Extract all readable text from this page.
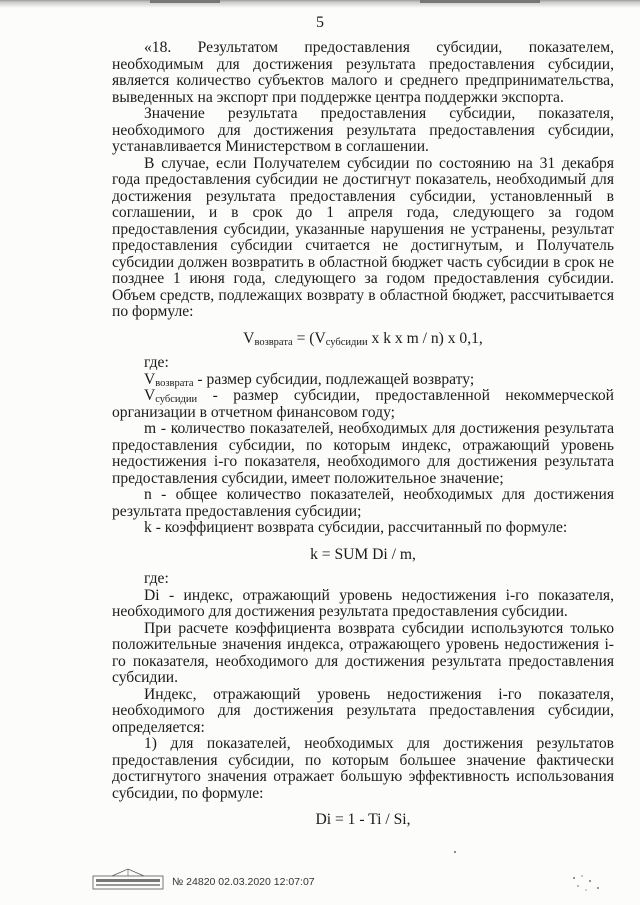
5

«18. Результатом предоставления субсидии, показателем, необходимым для достижения результата предоставления субсидии, является количество субъектов малого и среднего предпринимательства, выведенных на экспорт при поддержке центра поддержки экспорта.

Значение результата предоставления субсидии, показателя, необходимого для достижения результата предоставления субсидии, устанавливается Министерством в соглашении.

В случае, если Получателем субсидии по состоянию на 31 декабря года предоставления субсидии не достигнут показатель, необходимый для достижения результата предоставления субсидии, установленный в соглашении, и в срок до 1 апреля года, следующего за годом предоставления субсидии, указанные нарушения не устранены, результат предоставления субсидии считается не достигнутым, и Получатель субсидии должен возвратить в областной бюджет часть субсидии в срок не позднее 1 июня года, следующего за годом предоставления субсидии. Объем средств, подлежащих возврату в областной бюджет, рассчитывается по формуле:

$V_{возврата} = (V_{субсидии}$ x k x m / n) x 0,1,

где:

$V_{возврата}$ - размер субсидии, подлежащей возврату;

$V_{субсидии}$ - размер субсидии, предоставленной некоммерческой организации в отчетном финансовом году;

m - количество показателей, необходимых для достижения результата предоставления субсидии, по которым индекс, отражающий уровень недостижения i-го показателя, необходимого для достижения результата предоставления субсидии, имеет положительное значение;

n - общее количество показателей, необходимых для достижения результата предоставления субсидии;

k - коэффициент возврата субсидии, рассчитанный по формуле:

k = SUM Di / m,

где:

Di - индекс, отражающий уровень недостижения i-го показателя, необходимого для достижения результата предоставления субсидии.

При расчете коэффициента возврата субсидии используются только положительные значения индекса, отражающего уровень недостижения i-го показателя, необходимого для достижения результата предоставления субсидии.

Индекс, отражающий уровень недостижения i-го показателя, необходимого для достижения результата предоставления субсидии, определяется:

1) для показателей, необходимых для достижения результатов предоставления субсидии, по которым большее значение фактически достигнутого значения отражает большую эффективность использования субсидии, по формуле:

Di = 1 - Ti / Si,

№ 24820 02.03.2020 12:07:07
